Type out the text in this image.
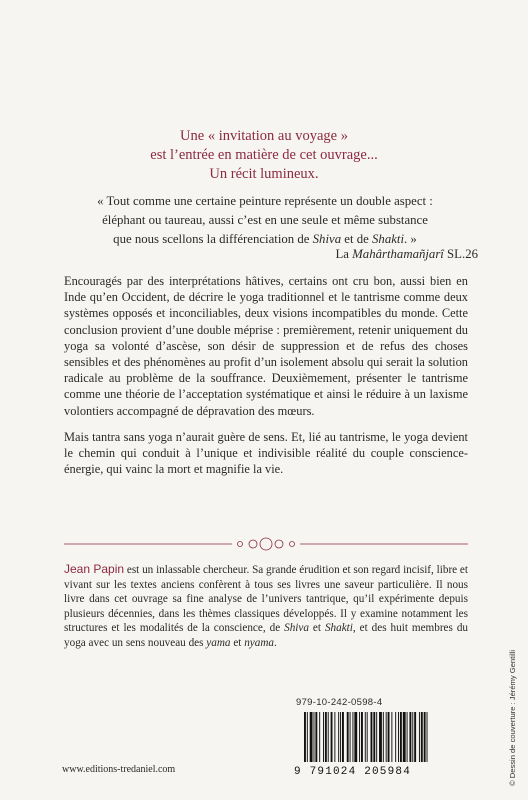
Une « invitation au voyage »
est l’entrée en matière de cet ouvrage...
Un récit lumineux.
« Tout comme une certaine peinture représente un double aspect :
éléphant ou taureau, aussi c’est en une seule et même substance
que nous scellons la différenciation de Shiva et de Shakti. »
La Mahârthamañjarî SL.26

Encouragés par des interprétations hâtives, certains ont cru bon, aussi bien en Inde qu’en Occident, de décrire le yoga traditionnel et le tantrisme comme deux systèmes opposés et inconciliables, deux visions incompatibles du monde. Cette conclusion provient d’une double méprise : premièrement, retenir uniquement du yoga sa volonté d’ascèse, son désir de suppression et de refus des choses sensibles et des phénomènes au profit d’un isolement absolu qui serait la solution radicale au problème de la souffrance. Deuxièmement, présenter le tantrisme comme une théorie de l’acceptation systématique et ainsi le réduire à un laxisme volontiers accompagné de dépravation des mœurs.

Mais tantra sans yoga n’aurait guère de sens. Et, lié au tantrisme, le yoga devient le chemin qui conduit à l’unique et indivisible réalité du couple conscience-énergie, qui vainc la mort et magnifie la vie.

Jean Papin est un inlassable chercheur. Sa grande érudition et son regard incisif, libre et vivant sur les textes anciens confèrent à tous ses livres une saveur particulière. Il nous livre dans cet ouvrage sa fine analyse de l’univers tantrique, qu’il expérimente depuis plusieurs décennies, dans les thèmes classiques développés. Il y examine notamment les structures et les modalités de la conscience, de Shiva et Shakti, et des huit membres du yoga avec un sens nouveau des yama et nyama.
979-10-242-0598-4
9 791024 205984
www.editions-tredaniel.com	© Dessin de couverture : Jérémy Gentilli
